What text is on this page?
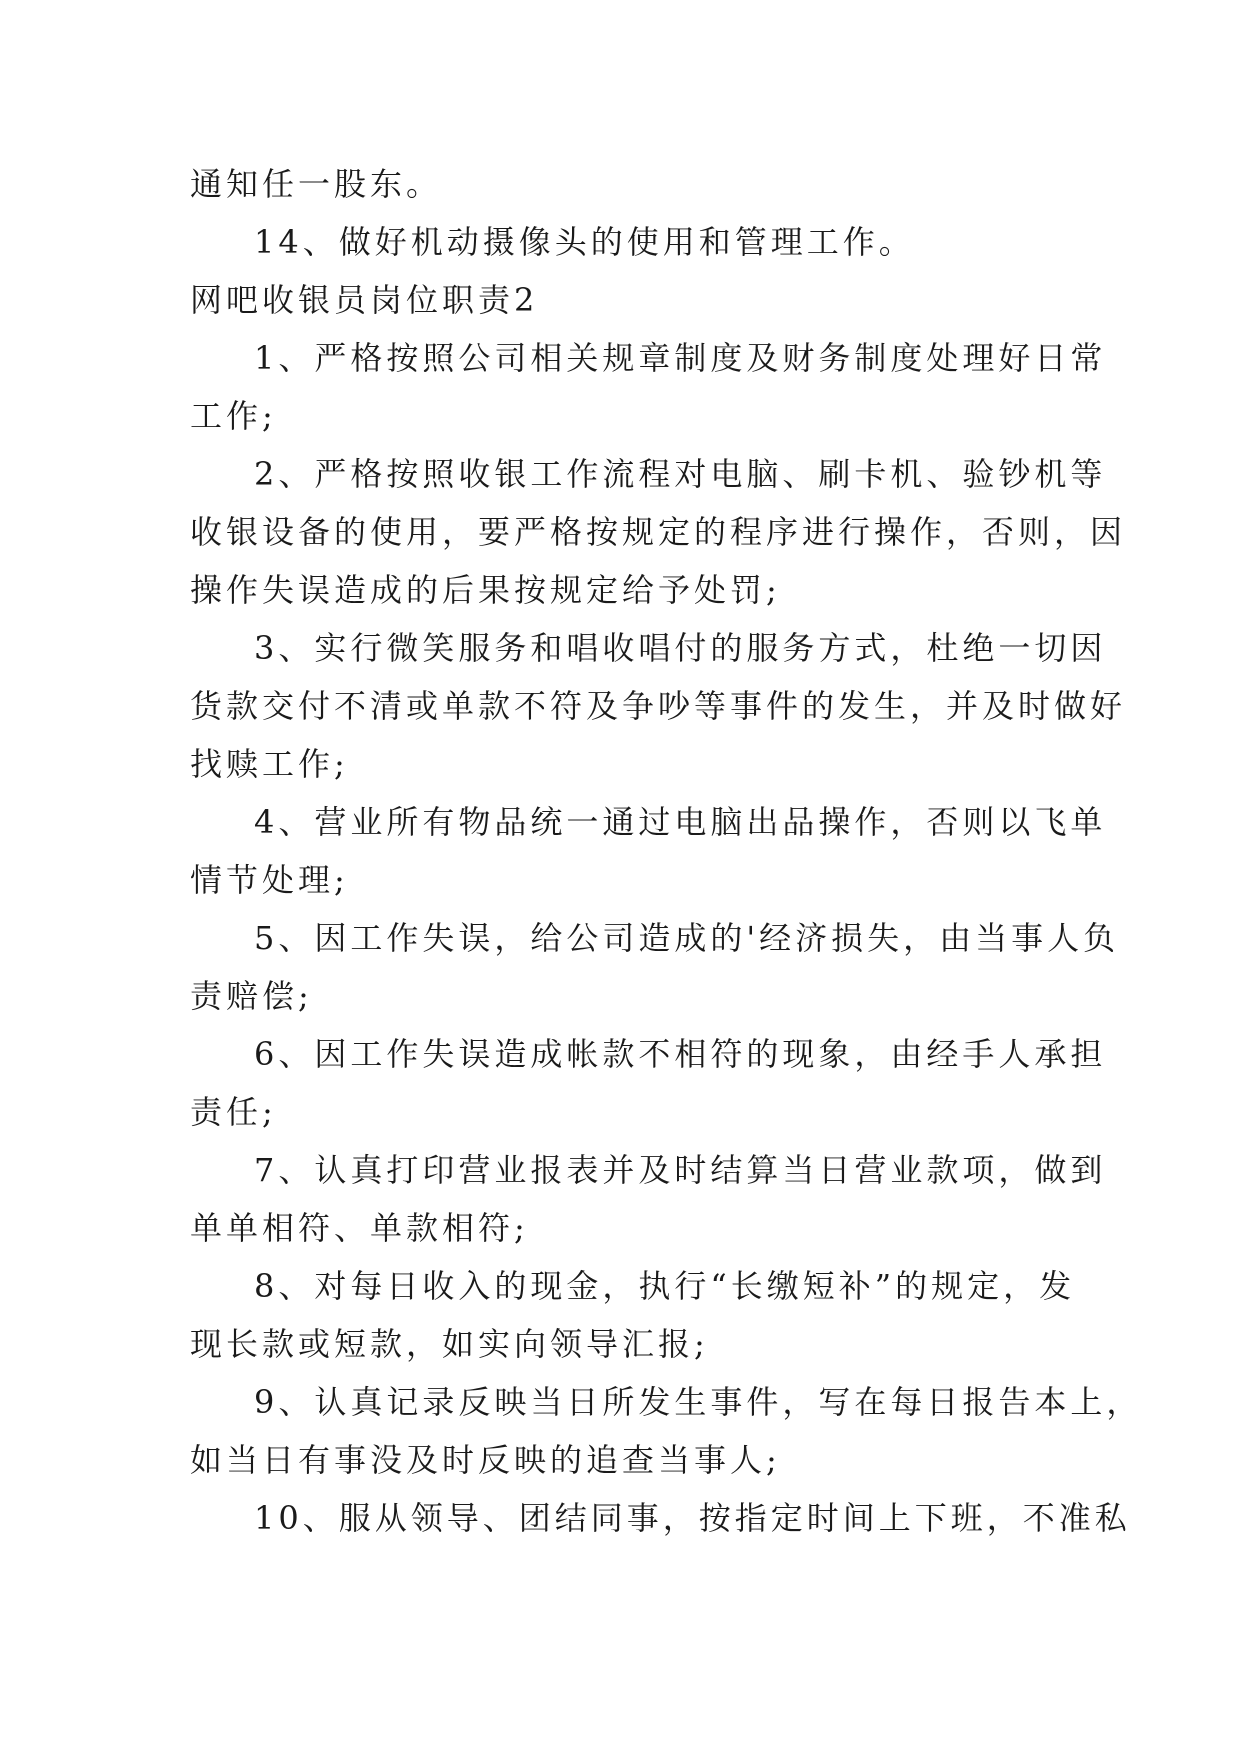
通知任一股东。
14、做好机动摄像头的使用和管理工作。
网吧收银员岗位职责2
1、严格按照公司相关规章制度及财务制度处理好日常
工作;
2、严格按照收银工作流程对电脑、刷卡机、验钞机等
收银设备的使用，要严格按规定的程序进行操作，否则，因
操作失误造成的后果按规定给予处罚;
3、实行微笑服务和唱收唱付的服务方式，杜绝一切因
货款交付不清或单款不符及争吵等事件的发生，并及时做好
找赎工作;
4、营业所有物品统一通过电脑出品操作，否则以飞单
情节处理;
5、因工作失误，给公司造成的'经济损失，由当事人负
责赔偿;
6、因工作失误造成帐款不相符的现象，由经手人承担
责任;
7、认真打印营业报表并及时结算当日营业款项，做到
单单相符、单款相符;
8、对每日收入的现金，执行“长缴短补”的规定，发
现长款或短款，如实向领导汇报;
9、认真记录反映当日所发生事件，写在每日报告本上，
如当日有事没及时反映的追查当事人;
10、服从领导、团结同事，按指定时间上下班，不准私
